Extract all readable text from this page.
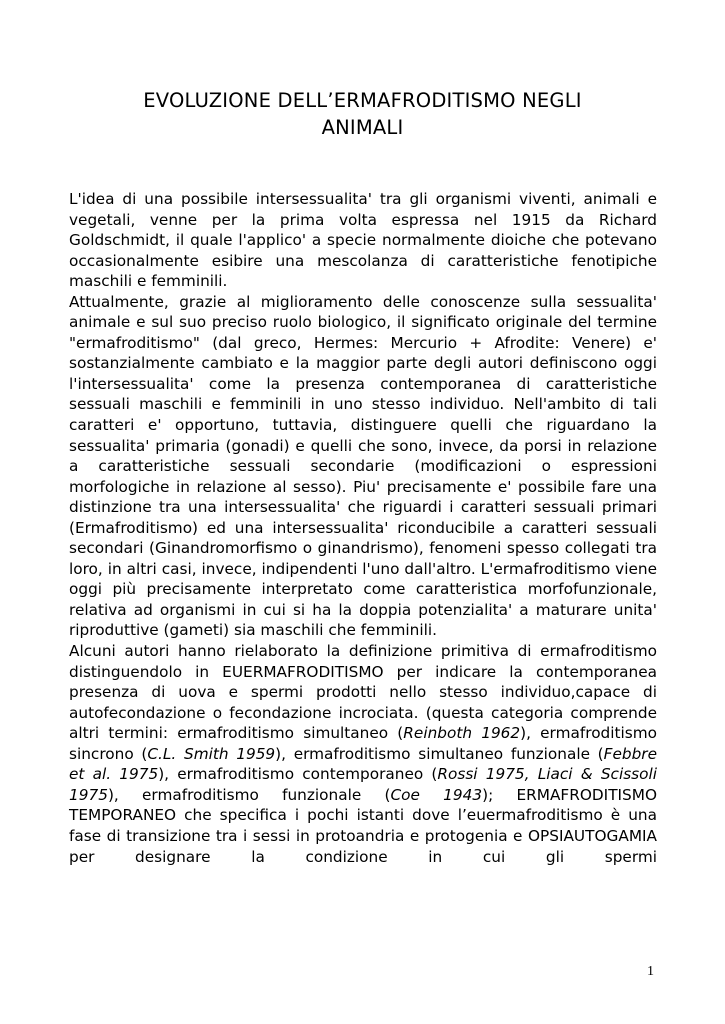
EVOLUZIONE DELL’ERMAFRODITISMO NEGLI
ANIMALI

L'idea di una possibile intersessualita' tra gli organismi viventi, animali e vegetali, venne per la prima volta espressa nel 1915 da Richard Goldschmidt, il quale l'applico' a specie normalmente dioiche che potevano occasionalmente esibire una mescolanza di caratteristiche fenotipiche maschili e femminili.

Attualmente, grazie al miglioramento delle conoscenze sulla sessualita' animale e sul suo preciso ruolo biologico, il significato originale del termine "ermafroditismo" (dal greco, Hermes: Mercurio + Afrodite: Venere) e' sostanzialmente cambiato e la maggior parte degli autori definiscono oggi l'intersessualita' come la presenza contemporanea di caratteristiche sessuali maschili e femminili in uno stesso individuo. Nell'ambito di tali caratteri e' opportuno, tuttavia, distinguere quelli che riguardano la sessualita' primaria (gonadi) e quelli che sono, invece, da porsi in relazione a caratteristiche sessuali secondarie (modificazioni o espressioni morfologiche in relazione al sesso). Piu' precisamente e' possibile fare una distinzione tra una intersessualita' che riguardi i caratteri sessuali primari (Ermafroditismo) ed una intersessualita' riconducibile a caratteri sessuali secondari (Ginandromorfismo o ginandrismo), fenomeni spesso collegati tra loro, in altri casi, invece, indipendenti l'uno dall'altro. L'ermafroditismo viene oggi più precisamente interpretato come caratteristica morfofunzionale, relativa ad organismi in cui si ha la doppia potenzialita' a maturare unita' riproduttive (gameti) sia maschili che femminili.

Alcuni autori hanno rielaborato la definizione primitiva di ermafroditismo distinguendolo in EUERMAFRODITISMO per indicare la contemporanea presenza di uova e spermi prodotti nello stesso individuo,capace di autofecondazione o fecondazione incrociata. (questa categoria comprende altri termini: ermafroditismo simultaneo (Reinboth 1962), ermafroditismo sincrono (C.L. Smith 1959), ermafroditismo simultaneo funzionale (Febbre et al. 1975), ermafroditismo contemporaneo (Rossi 1975, Liaci & Scissoli 1975), ermafroditismo funzionale (Coe 1943); ERMAFRODITISMO TEMPORANEO che specifica i pochi istanti dove l’euermafroditismo è una fase di transizione tra i sessi in protoandria e protogenia e OPSIAUTOGAMIA per designare la condizione in cui gli spermi

1
